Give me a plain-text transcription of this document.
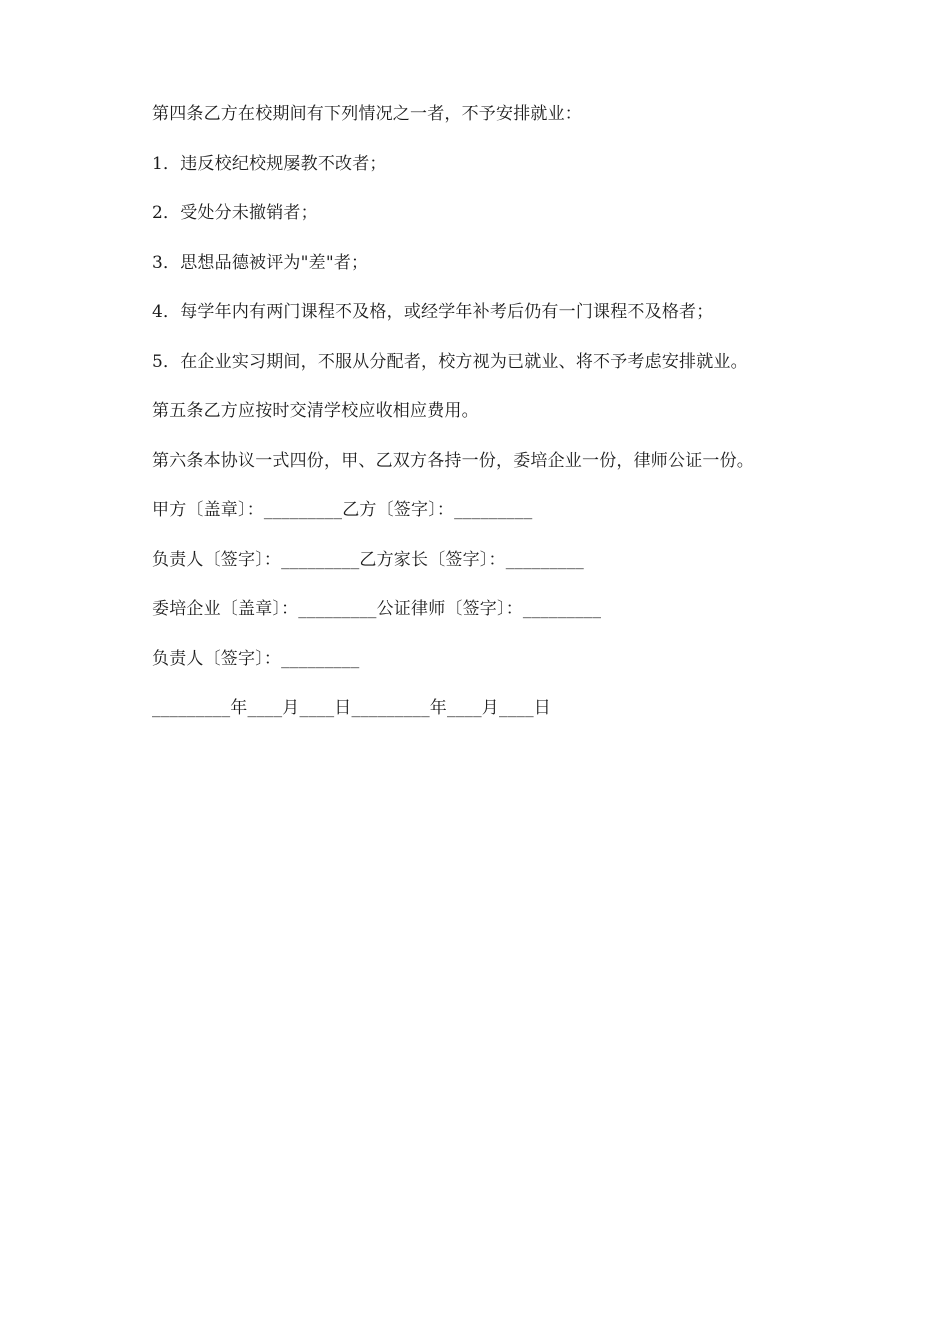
第四条乙方在校期间有下列情况之一者，不予安排就业：
1．违反校纪校规屡教不改者；
2．受处分未撤销者；
3．思想品德被评为"差"者；
4．每学年内有两门课程不及格，或经学年补考后仍有一门课程不及格者；
5．在企业实习期间，不服从分配者，校方视为已就业、将不予考虑安排就业。
第五条乙方应按时交清学校应收相应费用。
第六条本协议一式四份，甲、乙双方各持一份，委培企业一份，律师公证一份。
甲方〔盖章〕：_________乙方〔签字〕：_________
负责人〔签字〕：_________乙方家长〔签字〕：_________
委培企业〔盖章〕：_________公证律师〔签字〕：_________
负责人〔签字〕：_________
_________年____月____日_________年____月____日
